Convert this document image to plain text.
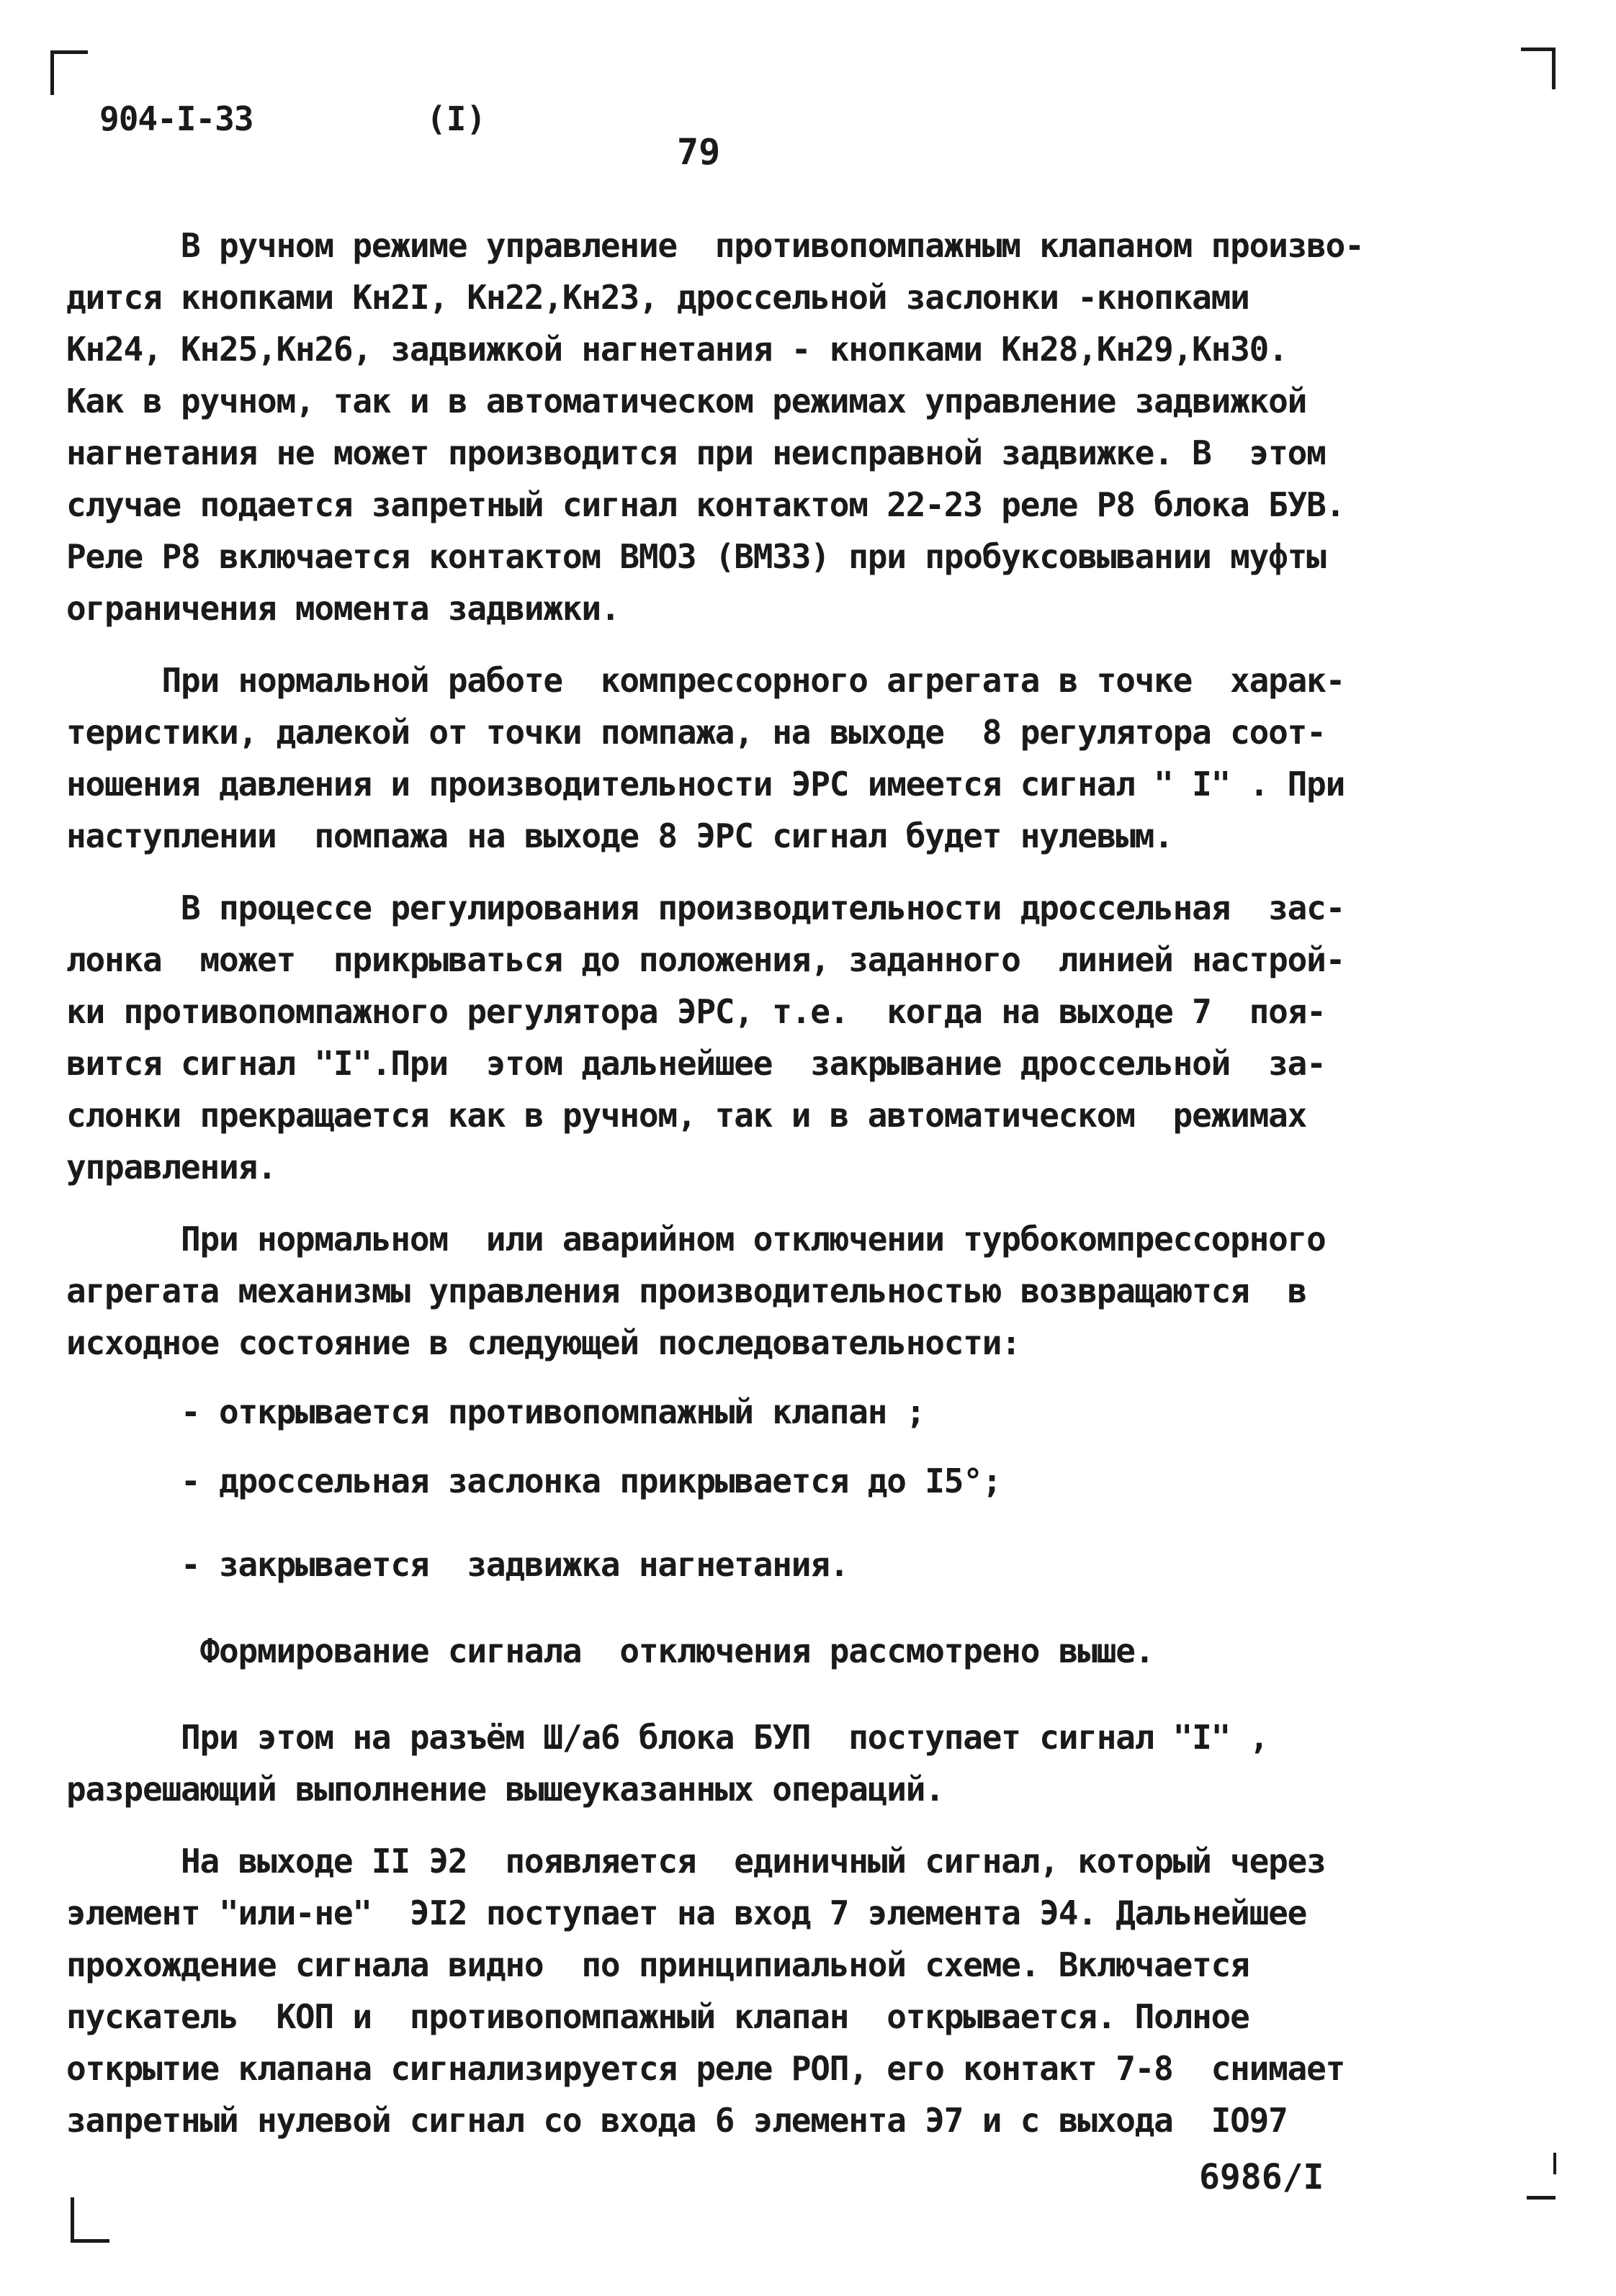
904-I-33	(I)
79
В ручном режиме управление  противопомпажным клапаном произво-
дится кнопками Кн2I, Кн22,Кн23, дроссельной заслонки -кнопками
Кн24, Кн25,Кн26, задвижкой нагнетания - кнопками Кн28,Кн29,Кн30.
Как в ручном, так и в автоматическом режимах управление задвижкой
нагнетания не может производится при неисправной задвижке. В  этом
случае подается запретный сигнал контактом 22-23 реле Р8 блока БУВ.
Реле Р8 включается контактом ВМОЗ (ВМ33) при пробуксовывании муфты
ограничения момента задвижки.
При нормальной работе  компрессорного агрегата в точке  харак-
теристики, далекой от точки помпажа, на выходе  8 регулятора соот-
ношения давления и производительности ЭРС имеется сигнал " I" . При
наступлении  помпажа на выходе 8 ЭРС сигнал будет нулевым.
В процессе регулирования производительности дроссельная  зас-
лонка  может  прикрываться до положения, заданного  линией настрой-
ки противопомпажного регулятора ЭРС, т.е.  когда на выходе 7  поя-
вится сигнал "I".При  этом дальнейшее  закрывание дроссельной  за-
слонки прекращается как в ручном, так и в автоматическом  режимах
управления.
При нормальном  или аварийном отключении турбокомпрессорного
агрегата механизмы управления производительностью возвращаются  в
исходное состояние в следующей последовательности:
- открывается противопомпажный клапан ;
- дроссельная заслонка прикрывается до I5°;
- закрывается  задвижка нагнетания.
Формирование сигнала  отключения рассмотрено выше.
При этом на разъём Ш/а6 блока БУП  поступает сигнал "I" ,
разрешающий выполнение вышеуказанных операций.
На выходе II Э2  появляется  единичный сигнал, который через
элемент "или-не"  ЭI2 поступает на вход 7 элемента Э4. Дальнейшее
прохождение сигнала видно  по принципиальной схеме. Включается
пускатель  КОП и  противопомпажный клапан  открывается. Полное
открытие клапана сигнализируется реле РОП, его контакт 7-8  снимает
запретный нулевой сигнал со входа 6 элемента Э7 и с выхода  IО97
6986/I
